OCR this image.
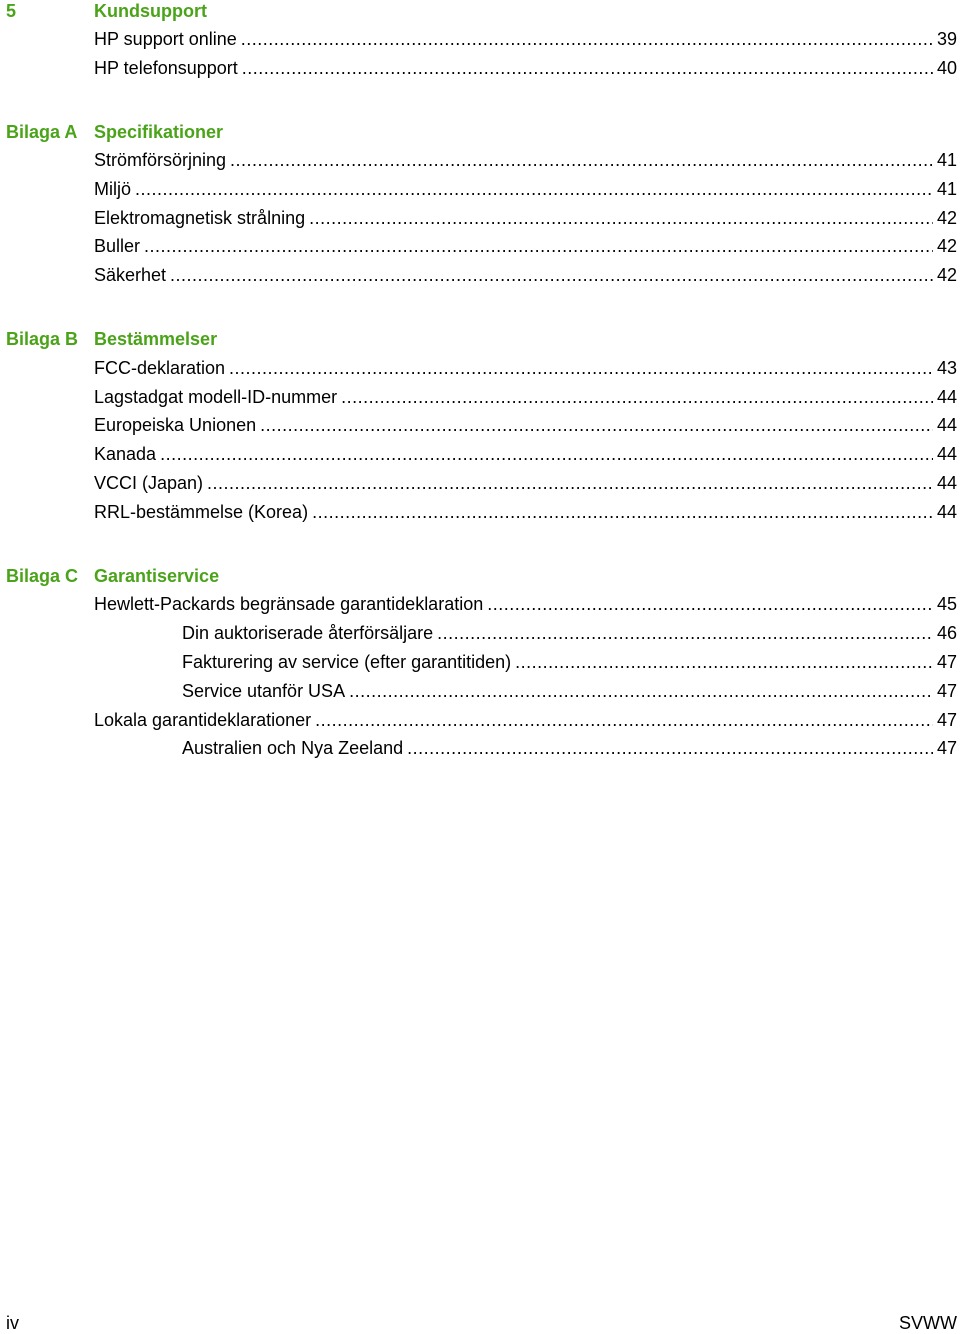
5	Kundsupport
HP support online .....	39
HP telefonsupport .....	40
Bilaga A Specifikationer
Strömförsörjning .....	41
Miljö .....	41
Elektromagnetisk strålning .....	42
Buller .....	42
Säkerhet .....	42
Bilaga B Bestämmelser
FCC-deklaration .....	43
Lagstadgat modell-ID-nummer .....	44
Europeiska Unionen .....	44
Kanada .....	44
VCCI (Japan) .....	44
RRL-bestämmelse (Korea) .....	44
Bilaga C Garantiservice
Hewlett-Packards begränsade garantideklaration .....	45
Din auktoriserade återförsäljare .....	46
Fakturering av service (efter garantitiden) .....	47
Service utanför USA .....	47
Lokala garantideklarationer .....	47
Australien och Nya Zeeland .....	47
iv	SVWW
